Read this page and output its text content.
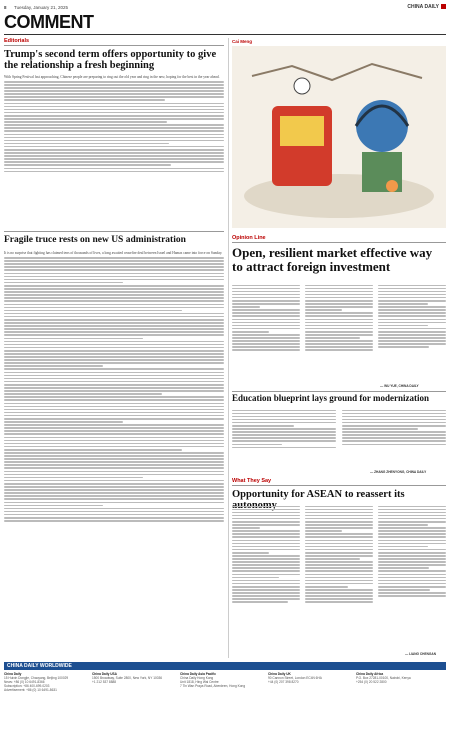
8 Tuesday, January 21, 2025	CHINA DAILY
COMMENT
Editorials
Trump's second term offers opportunity to give the relationship a fresh beginning
With Spring Festival fast approaching, Chinese people are preparing to ring out the old year and ring in the new, hoping for the best in the year ahead.
Fragile truce rests on new US administration
It is no surprise that fighting has claimed tens of thousands of lives, a long awaited ceasefire deal between Israel and Hamas came into force on Sunday.
Cai Meng
Opinion Line
Open, resilient market effective way to attract foreign investment
— WU YUE, CHINA DAILY
Education blueprint lays ground for modernization
— ZHANG ZHENYONG, CHINA DAILY
What They Say
Opportunity for ASEAN to reassert its
— LIANG CHENGAN
CHINA DAILY WORLDWIDE
China Daily
15 Huixin Dongjie, Chaoyang, Beijing 100029
News: +86 (0) 10 6491-8366
Subscription: +86 400-699-0203
Advertisement: +86 (0) 10 6491-8631
China Daily USA
1500 Broadway, Suite 2800, New York, NY 10036
+1 212 537 8888
China Daily Asia Pacific
China Daily Hong Kong
Unit 1818, Hing Wai Centre
7 Tin Wan Praya Road, Aberdeen, Hong Kong
China Daily UK
90 Cannon Street, London EC4N 6HA
+44 (0) 207 398 8270
China Daily Africa
P.O. Box 27281-00100, Nairobi, Kenya
+254 (0) 20 522 2800
